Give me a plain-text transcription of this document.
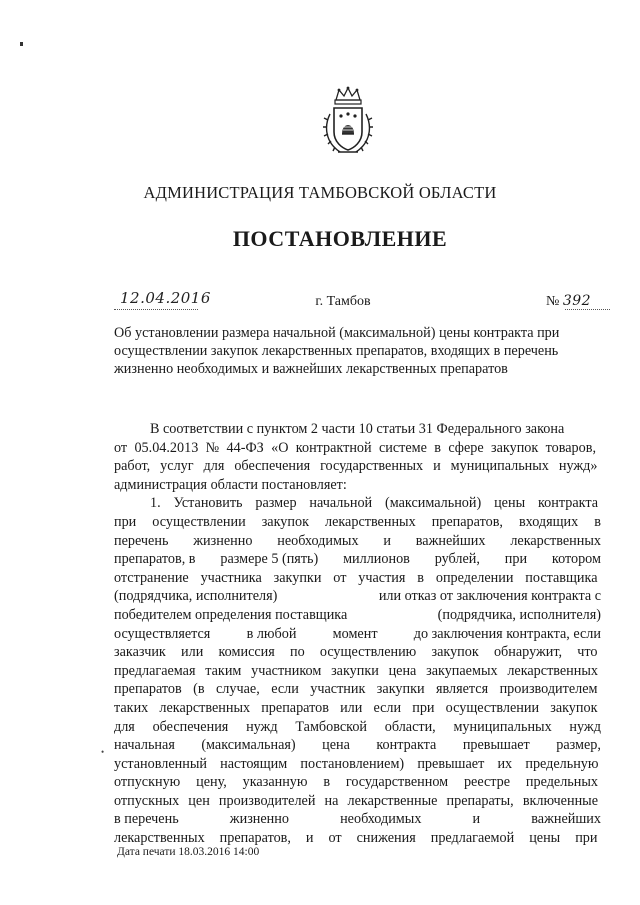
АДМИНИСТРАЦИЯ ТАМБОВСКОЙ ОБЛАСТИ
ПОСТАНОВЛЕНИЕ
12.04.2016	г. Тамбов	№ 392
Об установлении размера начальной (максимальной) цены контракта при
осуществлении закупок лекарственных препаратов, входящих в перечень
жизненно необходимых и важнейших лекарственных препаратов
В соответствии с пунктом 2 части 10 статьи 31 Федерального закона
от 05.04.2013 № 44-ФЗ «О контрактной системе в сфере закупок товаров,
работ, услуг для обеспечения государственных и муниципальных нужд»
администрация области постановляет:
1. Установить размер начальной (максимальной) цены контракта
при осуществлении закупок лекарственных препаратов, входящих в
перечень жизненно необходимых и важнейших лекарственных
препаратов, в размере 5 (пять) миллионов рублей, при котором
отстранение участника закупки от участия в определении поставщика
(подрядчика, исполнителя)	или отказ от заключения контракта с
победителем определения поставщика	(подрядчика, исполнителя)
осуществляется	в любой	момент	до заключения контракта, если
заказчик или комиссия по осуществлению закупок обнаружит, что
предлагаемая таким участником закупки цена закупаемых лекарственных
препаратов (в случае, если участник закупки является производителем
таких лекарственных препаратов или если при осуществлении закупок
для обеспечения нужд Тамбовской области, муниципальных нужд
начальная (максимальная) цена контракта превышает размер,
установленный настоящим постановлением) превышает их предельную
отпускную цену, указанную в государственном реестре предельных
отпускных цен производителей на лекарственные препараты, включенные
в перечень	жизненно	необходимых	и	важнейших
лекарственных препаратов, и от снижения предлагаемой цены при
•
Дата печати 18.03.2016 14:00
